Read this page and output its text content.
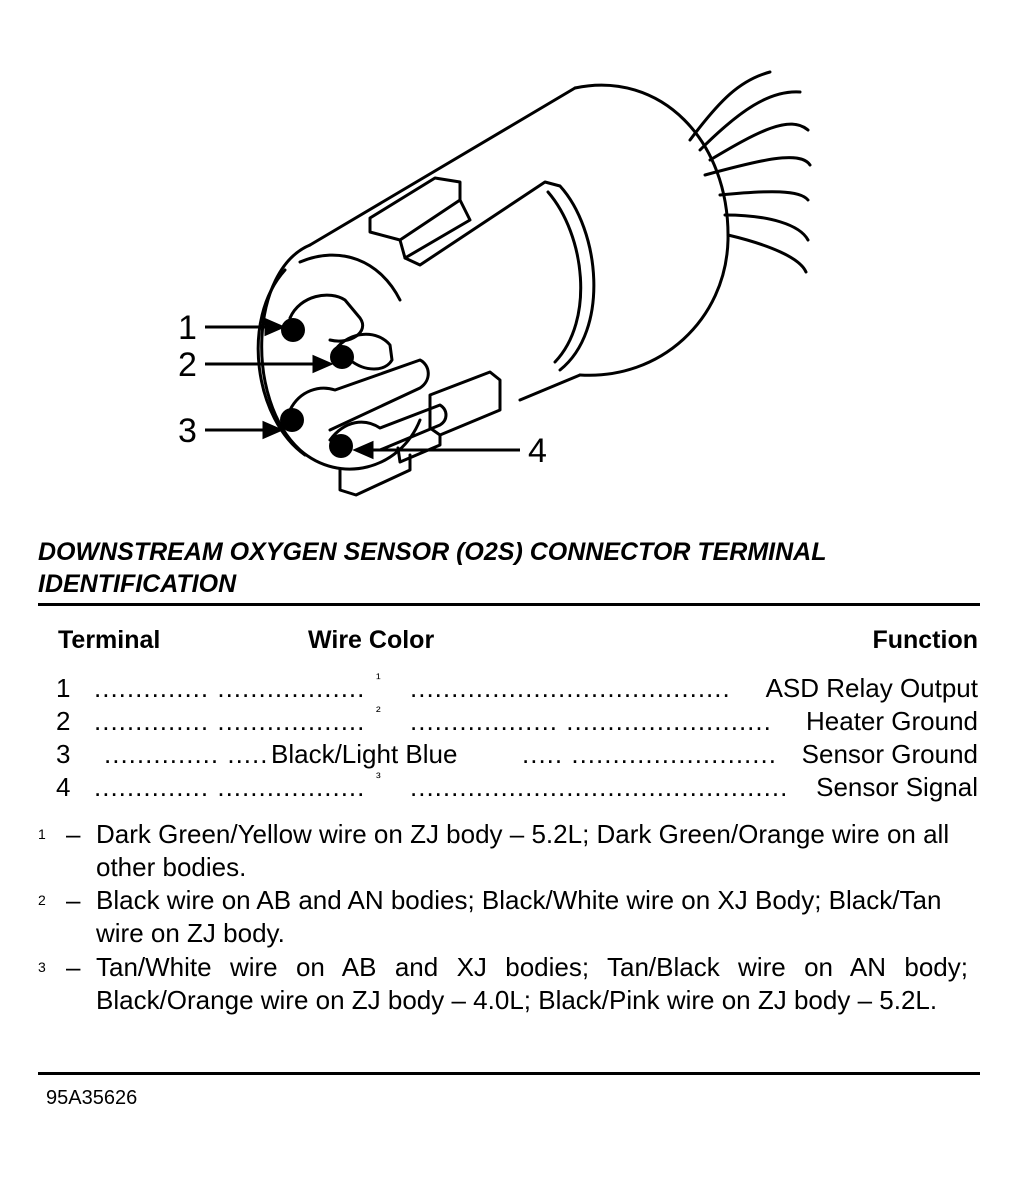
1
2
3
4
DOWNSTREAM OXYGEN SENSOR (O2S) CONNECTOR TERMINAL IDENTIFICATION
Terminal	Wire Color	Function
1 .............. .................. ¹ ....................................... ASD Relay Output
2 .............. .................. ² .................. ......................... Heater Ground
3 .............. ..... Black/Light Blue ..... ......................... Sensor Ground
4 .............. .................. ³ .............................................. Sensor Signal
1 – Dark Green/Yellow wire on ZJ body – 5.2L; Dark Green/Orange wire on all other bodies.
2 – Black wire on AB and AN bodies; Black/White wire on XJ Body; Black/Tan wire on ZJ body.
3 – Tan/White wire on AB and XJ bodies; Tan/Black wire on AN body; Black/Orange wire on ZJ body – 4.0L; Black/Pink wire on ZJ body – 5.2L.
95A35626
